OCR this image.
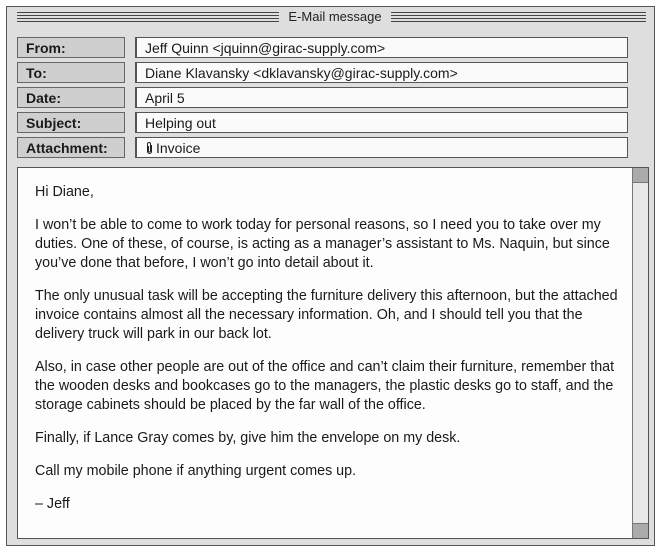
E-Mail message
From:	Jeff Quinn <jquinn@girac-supply.com>
To:	Diane Klavansky <dklavansky@girac-supply.com>
Date:	April 5
Subject:	Helping out
Attachment:	Invoice

Hi Diane,

I won’t be able to come to work today for personal reasons, so I need you to take over my duties. One of these, of course, is acting as a manager’s assistant to Ms. Naquin, but since you’ve done that before, I won’t go into detail about it.

The only unusual task will be accepting the furniture delivery this afternoon, but the attached invoice contains almost all the necessary information. Oh, and I should tell you that the delivery truck will park in our back lot.

Also, in case other people are out of the office and can’t claim their furniture, remember that the wooden desks and bookcases go to the managers, the plastic desks go to staff, and the storage cabinets should be placed by the far wall of the office.

Finally, if Lance Gray comes by, give him the envelope on my desk.

Call my mobile phone if anything urgent comes up.

– Jeff
